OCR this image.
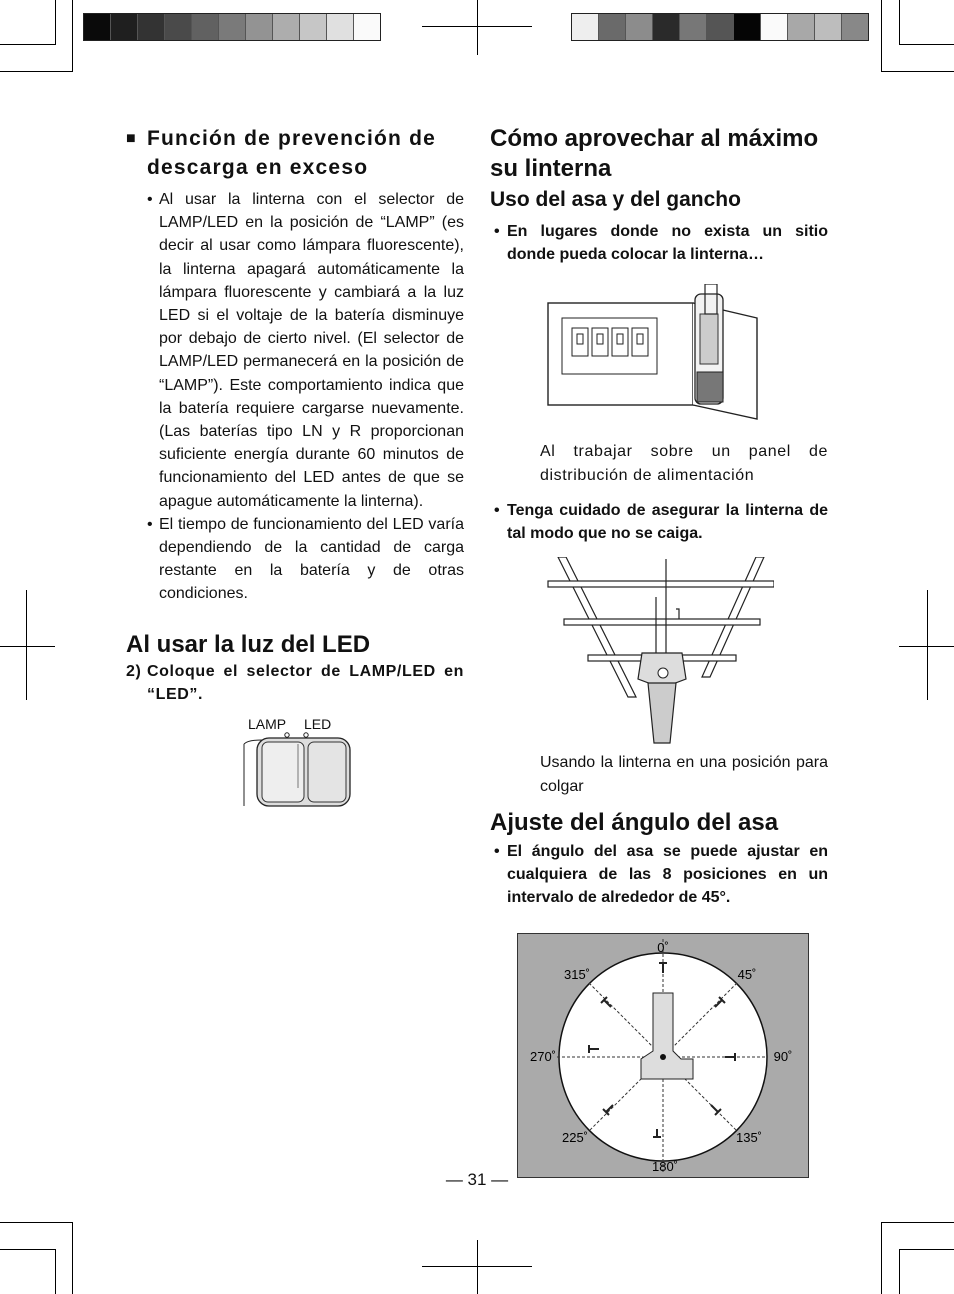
■ Función de prevención de descarga en exceso
• Al usar la linterna con el selector de LAMP/LED en la posición de “LAMP” (es decir al usar como lámpara fluorescente), la linterna apagará automáticamente la lámpara fluorescente y cambiará a la luz LED si el voltaje de la batería disminuye por debajo de cierto nivel. (El selector de LAMP/LED permanecerá en la posición de “LAMP”). Este comportamiento indica que la batería requiere cargarse nuevamente. (Las baterías tipo LN y R proporcionan suficiente energía durante 60 minutos de funcionamiento del LED antes de que se apague automáticamente la linterna).
• El tiempo de funcionamiento del LED varía dependiendo de la cantidad de carga restante en la batería y de otras condiciones.
Al usar la luz del LED
2) Coloque el selector de LAMP/LED en “LED”.
LAMP LED
Cómo aprovechar al máximo su linterna
Uso del asa y del gancho
• En lugares donde no exista un sitio donde pueda colocar la linterna…
Al trabajar sobre un panel de distribución de alimentación
• Tenga cuidado de asegurar la linterna de tal modo que no se caiga.
Usando la linterna en una posición para colgar
Ajuste del ángulo del asa
• El ángulo del asa se puede ajustar en cualquiera de las 8 posiciones en un intervalo de alrededor de 45°.
0˚
45˚
90˚
135˚
180˚
225˚
270˚
315˚
— 31 —
